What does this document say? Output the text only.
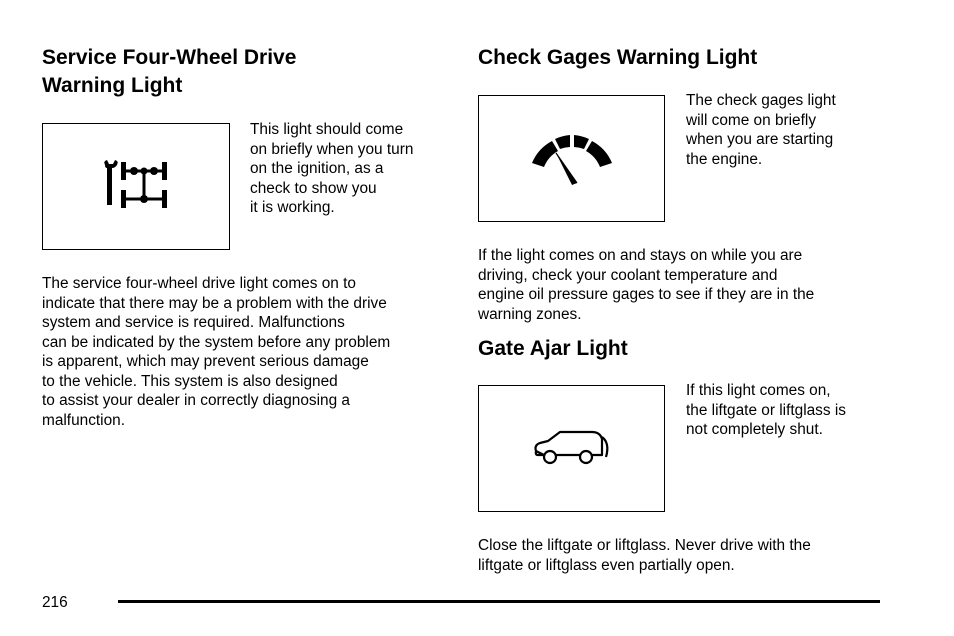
Service Four-Wheel Drive
Warning Light
This light should come
on briefly when you turn
on the ignition, as a
check to show you
it is working.
The service four-wheel drive light comes on to
indicate that there may be a problem with the drive
system and service is required. Malfunctions
can be indicated by the system before any problem
is apparent, which may prevent serious damage
to the vehicle. This system is also designed
to assist your dealer in correctly diagnosing a
malfunction.
Check Gages Warning Light
The check gages light
will come on briefly
when you are starting
the engine.
If the light comes on and stays on while you are
driving, check your coolant temperature and
engine oil pressure gages to see if they are in the
warning zones.
Gate Ajar Light
If this light comes on,
the liftgate or liftglass is
not completely shut.
Close the liftgate or liftglass. Never drive with the
liftgate or liftglass even partially open.
216
